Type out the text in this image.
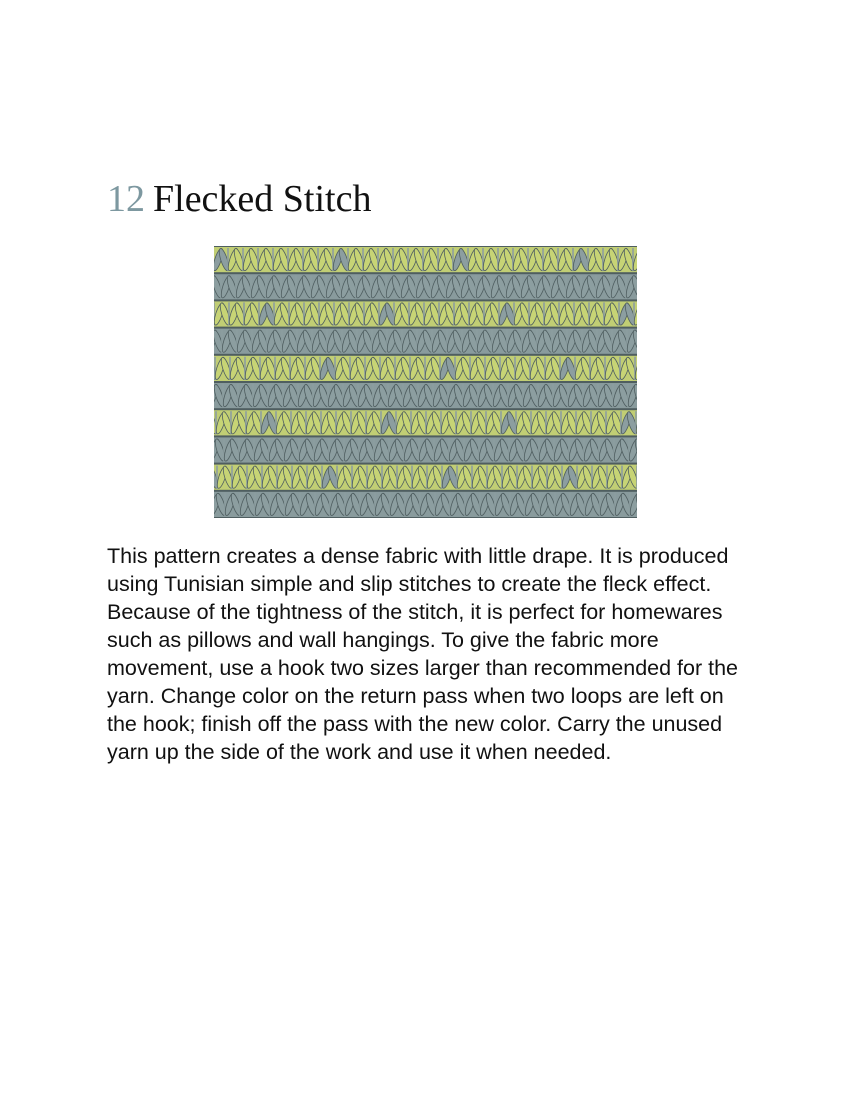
12 Flecked Stitch

This pattern creates a dense fabric with little drape. It is produced using Tunisian simple and slip stitches to create the fleck effect. Because of the tightness of the stitch, it is perfect for homewares such as pillows and wall hangings. To give the fabric more movement, use a hook two sizes larger than recommended for the yarn. Change color on the return pass when two loops are left on the hook; finish off the pass with the new color. Carry the unused yarn up the side of the work and use it when needed.
